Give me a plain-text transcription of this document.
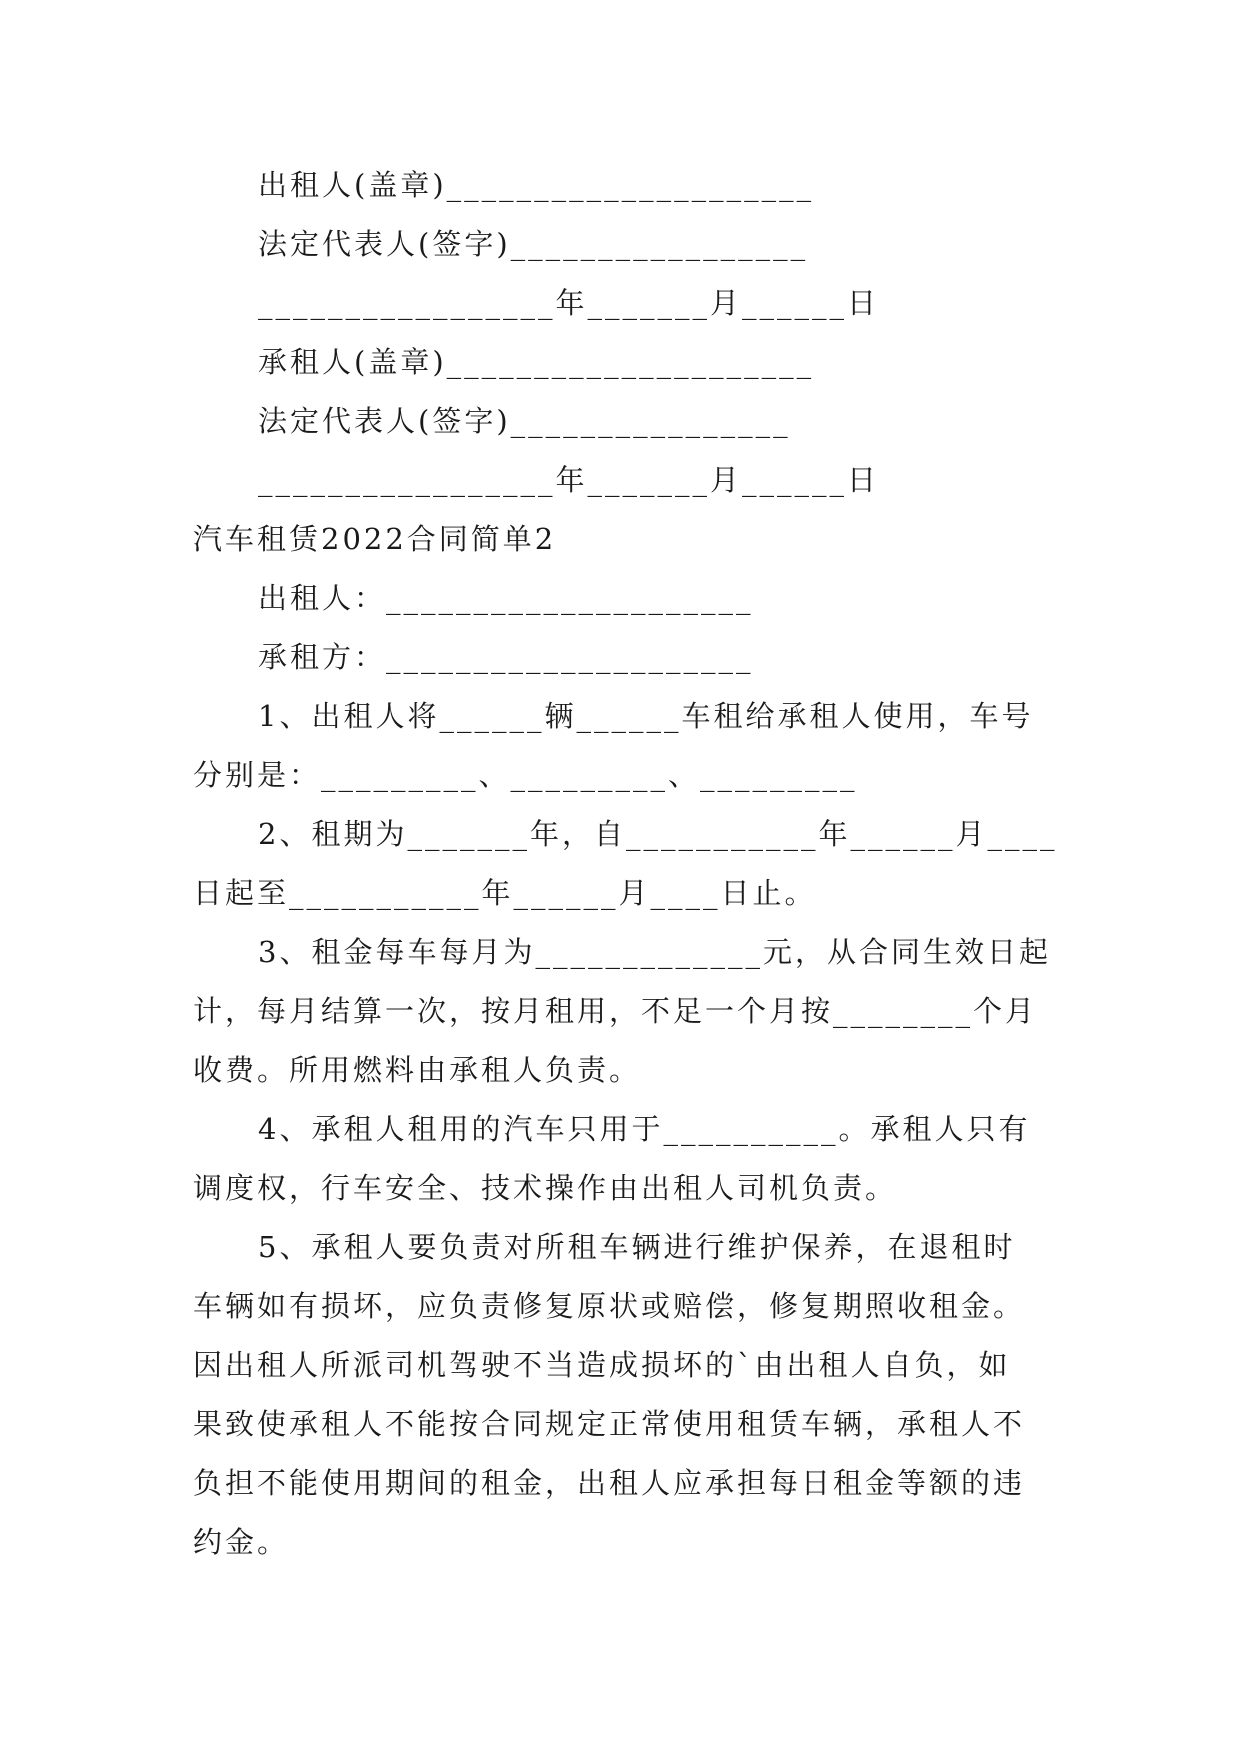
出租人(盖章)_____________________
法定代表人(签字)_________________
_________________年_______月______日
承租人(盖章)_____________________
法定代表人(签字)________________
_________________年_______月______日
汽车租赁2022合同简单2
出租人：_____________________
承租方：_____________________
1、出租人将______辆______车租给承租人使用，车号
分别是：_________、_________、_________
2、租期为_______年，自___________年______月____
日起至___________年______月____日止。
3、租金每车每月为_____________元，从合同生效日起
计，每月结算一次，按月租用，不足一个月按________个月
收费。所用燃料由承租人负责。
4、承租人租用的汽车只用于__________。承租人只有
调度权，行车安全、技术操作由出租人司机负责。
5、承租人要负责对所租车辆进行维护保养，在退租时
车辆如有损坏，应负责修复原状或赔偿，修复期照收租金。
因出租人所派司机驾驶不当造成损坏的`由出租人自负，如
果致使承租人不能按合同规定正常使用租赁车辆，承租人不
负担不能使用期间的租金，出租人应承担每日租金等额的违
约金。
